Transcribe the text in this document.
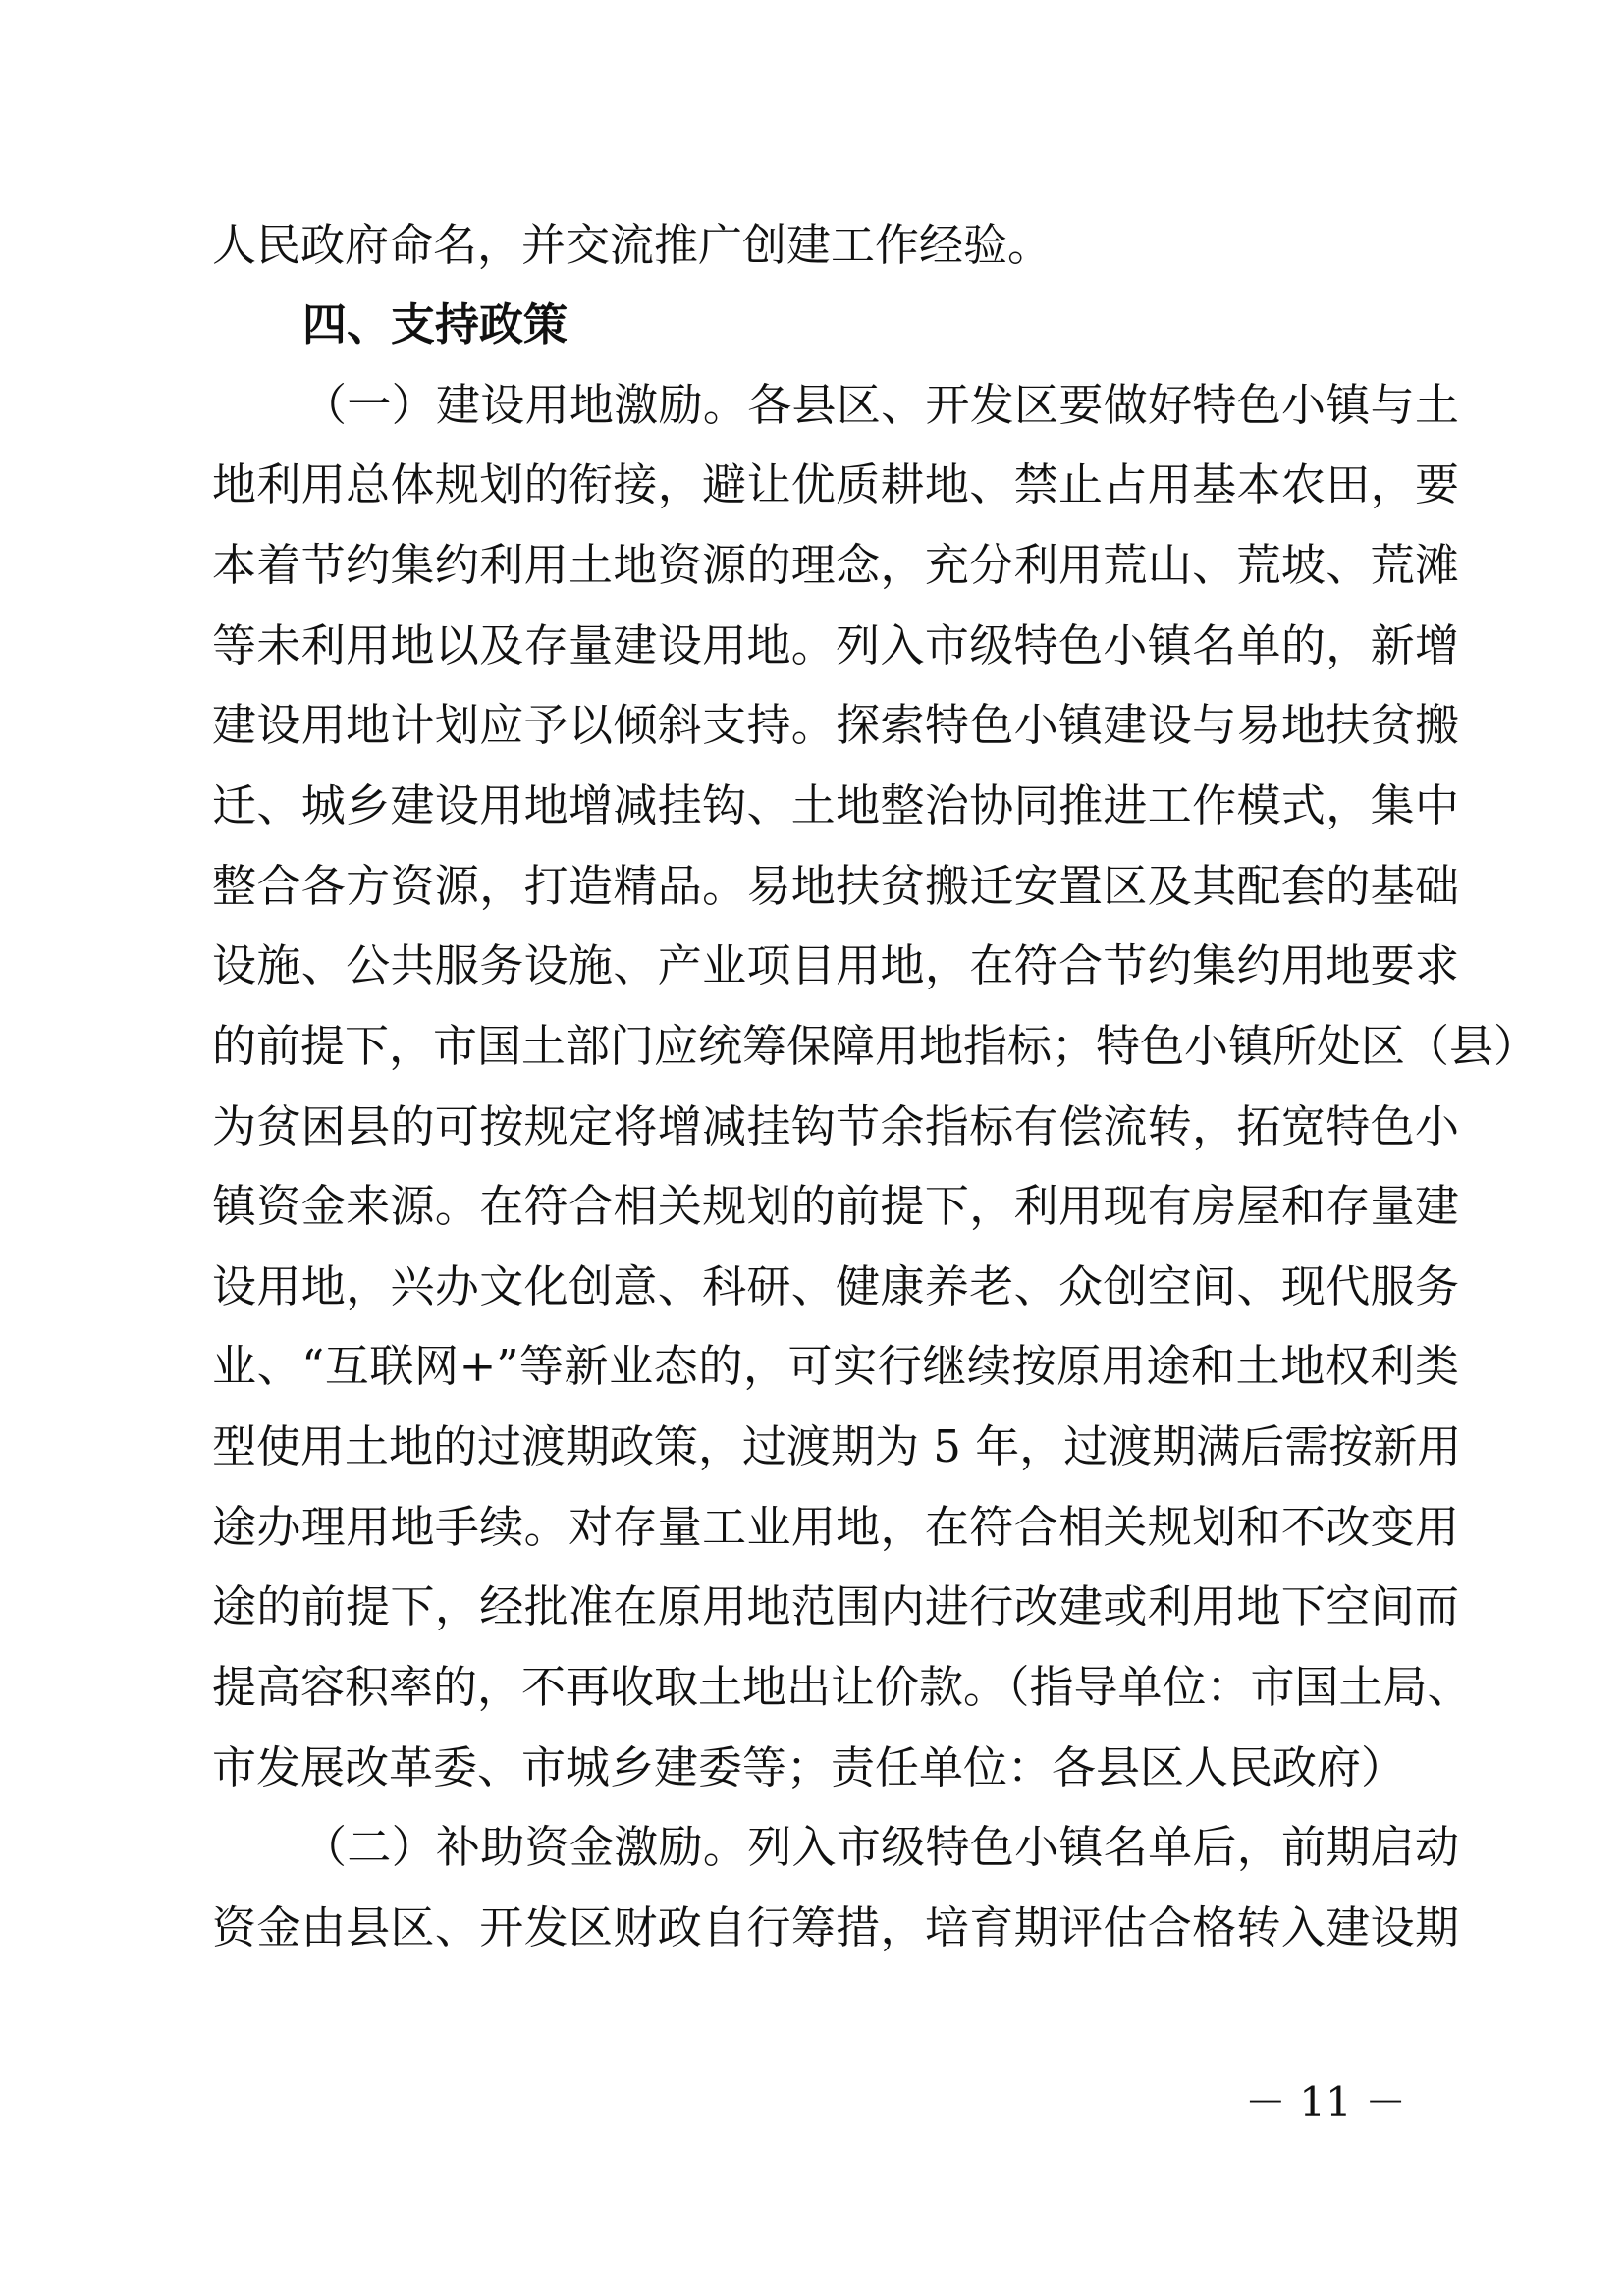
人民政府命名，并交流推广创建工作经验。
四、支持政策
（一）建设用地激励。各县区、开发区要做好特色小镇与土
地利用总体规划的衔接，避让优质耕地、禁止占用基本农田，要
本着节约集约利用土地资源的理念，充分利用荒山、荒坡、荒滩
等未利用地以及存量建设用地。列入市级特色小镇名单的，新增
建设用地计划应予以倾斜支持。探索特色小镇建设与易地扶贫搬
迁、城乡建设用地增减挂钩、土地整治协同推进工作模式，集中
整合各方资源，打造精品。易地扶贫搬迁安置区及其配套的基础
设施、公共服务设施、产业项目用地，在符合节约集约用地要求
的前提下，市国土部门应统筹保障用地指标；特色小镇所处区（县）
为贫困县的可按规定将增减挂钩节余指标有偿流转，拓宽特色小
镇资金来源。在符合相关规划的前提下，利用现有房屋和存量建
设用地，兴办文化创意、科研、健康养老、众创空间、现代服务
业、“互联网+”等新业态的，可实行继续按原用途和土地权利类
型使用土地的过渡期政策，过渡期为 5 年，过渡期满后需按新用
途办理用地手续。对存量工业用地，在符合相关规划和不改变用
途的前提下，经批准在原用地范围内进行改建或利用地下空间而
提高容积率的，不再收取土地出让价款。（指导单位：市国土局、
市发展改革委、市城乡建委等；责任单位：各县区人民政府）
（二）补助资金激励。列入市级特色小镇名单后，前期启动
资金由县区、开发区财政自行筹措，培育期评估合格转入建设期
－ 11 －
